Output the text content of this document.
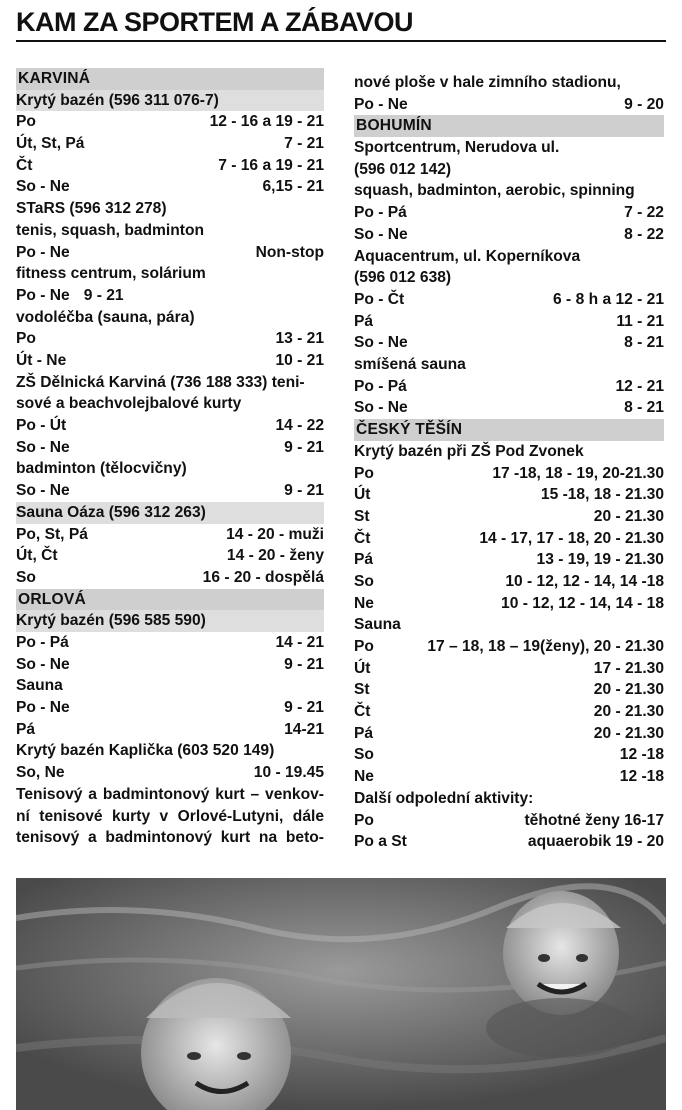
KAM ZA SPORTEM A ZÁBAVOU
KARVINÁ
Krytý bazén (596 311 076-7)
Po	12 - 16 a 19 - 21
Út, St, Pá	7 - 21
Čt	7 - 16 a 19 - 21
So - Ne	6,15 - 21
STaRS (596 312 278)
tenis, squash, badminton
Po - Ne	Non-stop
fitness centrum, solárium
Po - Ne 9 - 21
vodoléčba (sauna, pára)
Po	13 - 21
Út - Ne	10 - 21
ZŠ Dělnická Karviná (736 188 333) teni-
sové a beachvolejbalové kurty
Po - Út	14 - 22
So - Ne	9 - 21
badminton (tělocvičny)
So - Ne	9 - 21
Sauna Oáza (596 312 263)
Po, St, Pá	14 - 20 - muži
Út, Čt	14 - 20 - ženy
So	16 - 20 - dospělá
ORLOVÁ
Krytý bazén (596 585 590)
Po - Pá	14 - 21
So - Ne	9 - 21
Sauna
Po - Ne	9 - 21
Pá	14-21
Krytý bazén Kaplička (603 520 149)
So, Ne	10 - 19.45
Tenisový a badmintonový kurt – venkov-
ní tenisové kurty v Orlové-Lutyni, dále
tenisový a badmintonový kurt na beto-
nové ploše v hale zimního stadionu,
Po - Ne	9 - 20
BOHUMÍN
Sportcentrum, Nerudova ul.
(596 012 142)
squash, badminton, aerobic, spinning
Po - Pá	7 - 22
So - Ne	8 - 22
Aquacentrum, ul. Koperníkova
(596 012 638)
Po - Čt	6 - 8 h a 12 - 21
Pá	11 - 21
So - Ne	8 - 21
smíšená sauna
Po - Pá	12 - 21
So - Ne	8 - 21
ČESKÝ TĚŠÍN
Krytý bazén při ZŠ Pod Zvonek
Po	17 -18, 18 - 19, 20-21.30
Út	15 -18, 18 - 21.30
St	20 - 21.30
Čt	14 - 17, 17 - 18, 20 - 21.30
Pá	13 - 19, 19 - 21.30
So	10 - 12, 12 - 14, 14 -18
Ne	10 - 12, 12 - 14, 14 - 18
Sauna
Po	17 – 18, 18 – 19(ženy), 20 - 21.30
Út	17 - 21.30
St	20 - 21.30
Čt	20 - 21.30
Pá	20 - 21.30
So	12 -18
Ne	12 -18
Další odpolední aktivity:
Po	těhotné ženy 16-17
Po a St	aquaerobik 19 - 20
